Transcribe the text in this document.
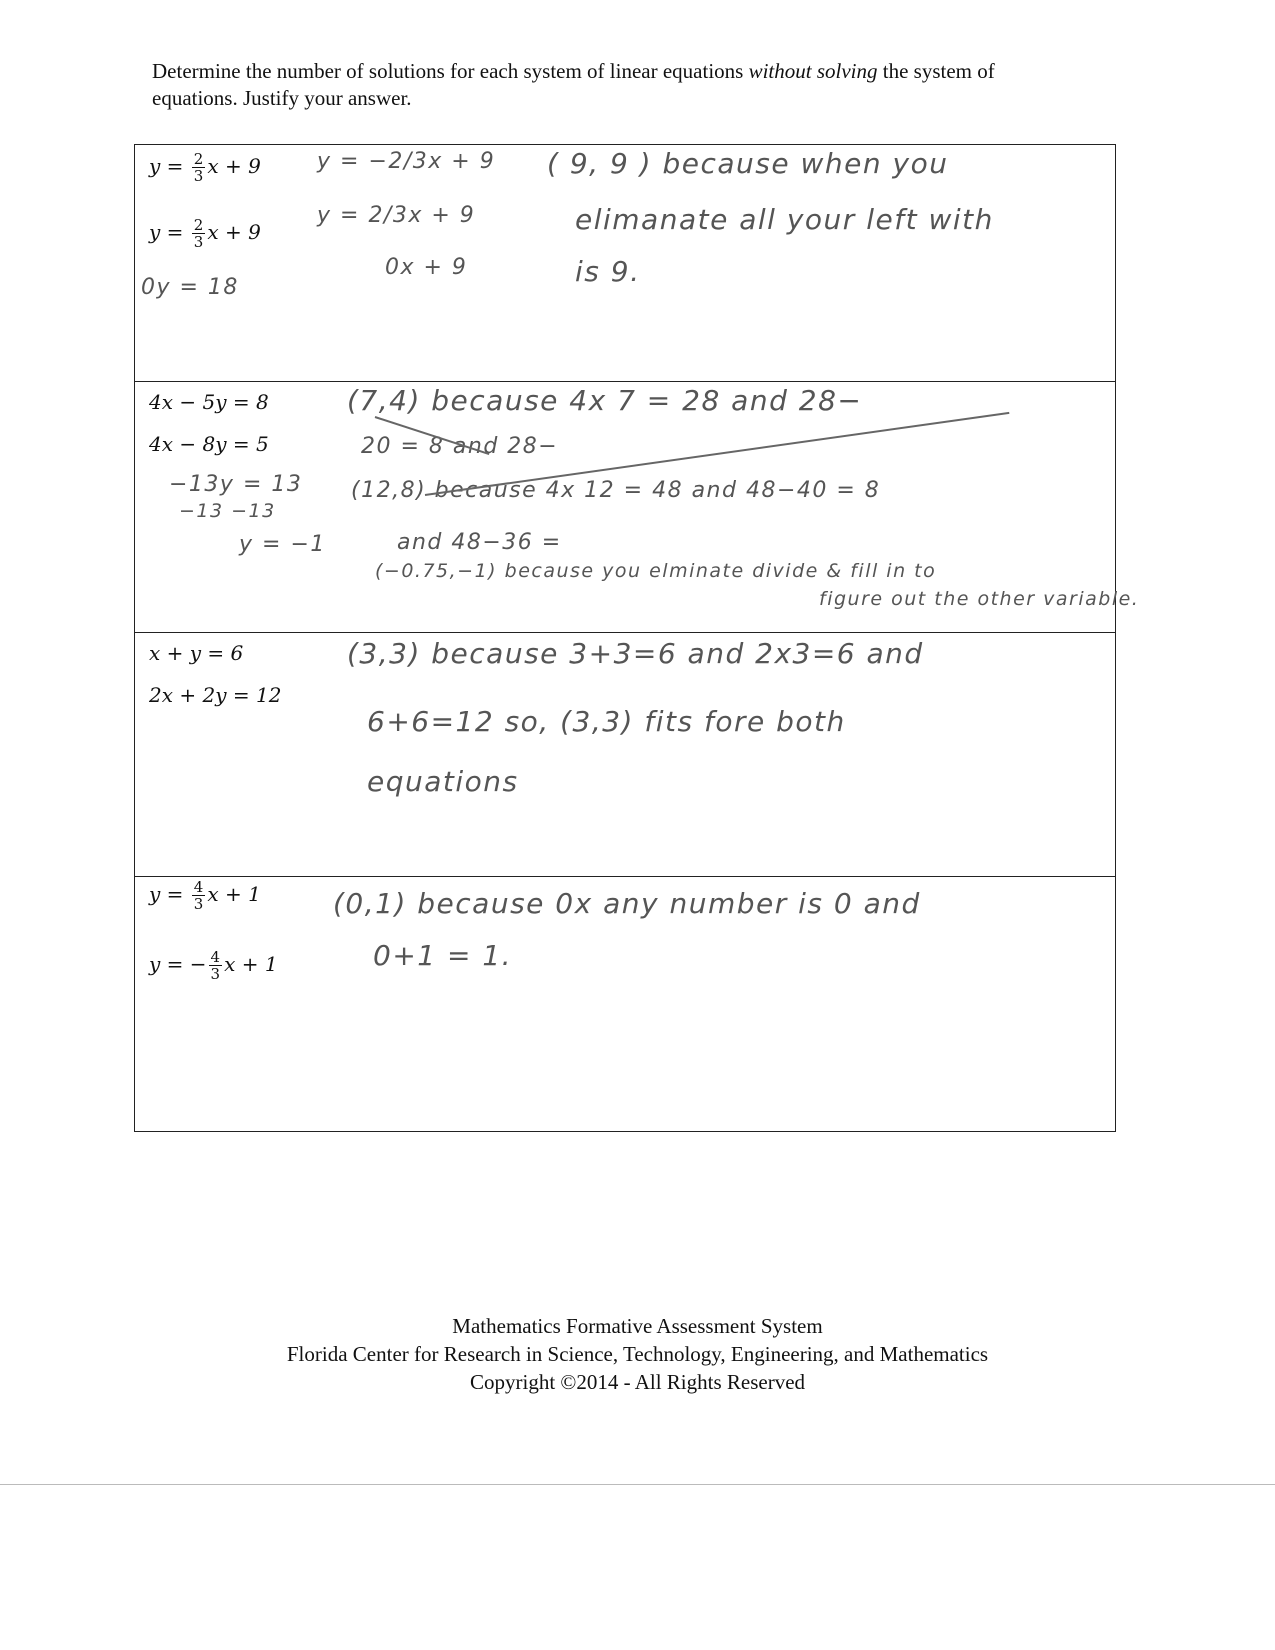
Determine the number of solutions for each system of linear equations without solving the system of equations. Justify your answer.
$y = \frac{2}{3}$ x + 9
$y = \frac{2}{3}$ x + 9
0y = 18
y = −2/3x + 9
y = 2/3x + 9
0x + 9
( 9, 9 ) because when you
elimanate all your left with
is 9.
4x − 5y = 8
4x − 8y = 5
−13y = 13
−13 −13
y = −1
(7,4) because 4x 7 = 28 and 28−
20 = 8 and 28−
(12,8) because 4x 12 = 48 and 48−40 = 8
and 48−36 =
(−0.75,−1) because you elminate divide & fill in to
figure out the other variable.
x + y = 6
2x + 2y = 12
(3,3) because 3+3=6 and 2x3=6 and
6+6=12 so, (3,3) fits fore both
equations
$y = \frac{4}{3}$ x + 1
y = − $\frac{4}{3}$ x + 1
(0,1) because 0x any number is 0 and
0+1 = 1.
Mathematics Formative Assessment System
Florida Center for Research in Science, Technology, Engineering, and Mathematics
Copyright ©2014 - All Rights Reserved
